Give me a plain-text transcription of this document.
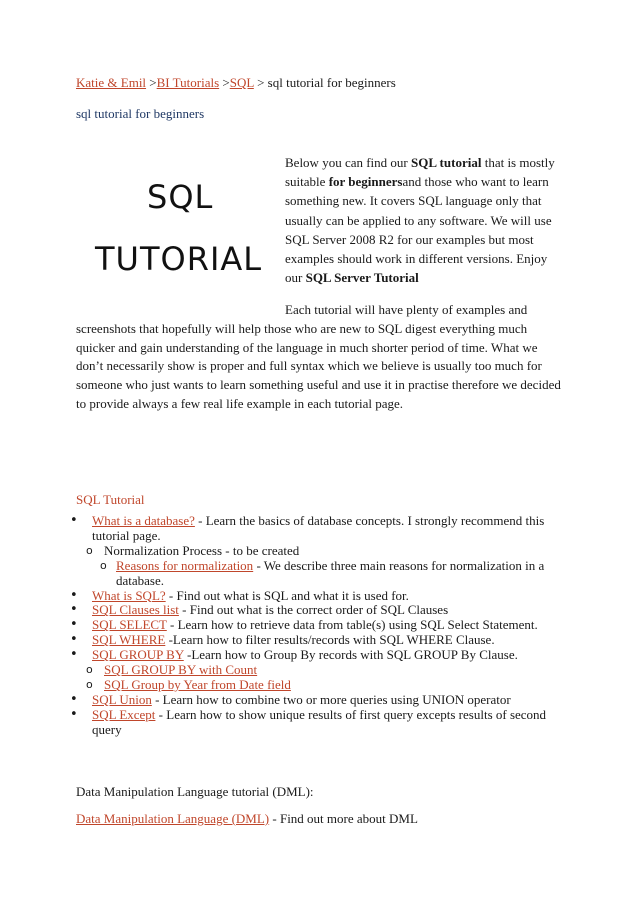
Katie & Emil >BI Tutorials >SQL > sql tutorial for beginners
sql tutorial for beginners
SQL
TUTORIAL
Below you can find our SQL tutorial that is mostly suitable for beginnersand those who want to learn something new. It covers SQL language only that usually can be applied to any software. We will use SQL Server 2008 R2 for our examples but most examples should work in different versions. Enjoy our SQL Server Tutorial
Each tutorial will have plenty of examples and
screenshots that hopefully will help those who are new to SQL digest everything much quicker and gain understanding of the language in much shorter period of time. What we don’t necessarily show is proper and full syntax which we believe is usually too much for someone who just wants to learn something useful and use it in practise therefore we decided to provide always a few real life example in each tutorial page.
SQL Tutorial
• What is a database? - Learn the basics of database concepts. I strongly recommend this
tutorial page.
o Normalization Process - to be created
o Reasons for normalization - We describe three main reasons for normalization in a
database.
• What is SQL? - Find out what is SQL and what it is used for.
• SQL Clauses list - Find out what is the correct order of SQL Clauses
• SQL SELECT - Learn how to retrieve data from table(s) using SQL Select Statement.
• SQL WHERE -Learn how to filter results/records with SQL WHERE Clause.
• SQL GROUP BY -Learn how to Group By records with SQL GROUP By Clause.
o SQL GROUP BY with Count
o SQL Group by Year from Date field
• SQL Union - Learn how to combine two or more queries using UNION operator
• SQL Except - Learn how to show unique results of first query excepts results of second
query
Data Manipulation Language tutorial (DML):
Data Manipulation Language (DML) - Find out more about DML
